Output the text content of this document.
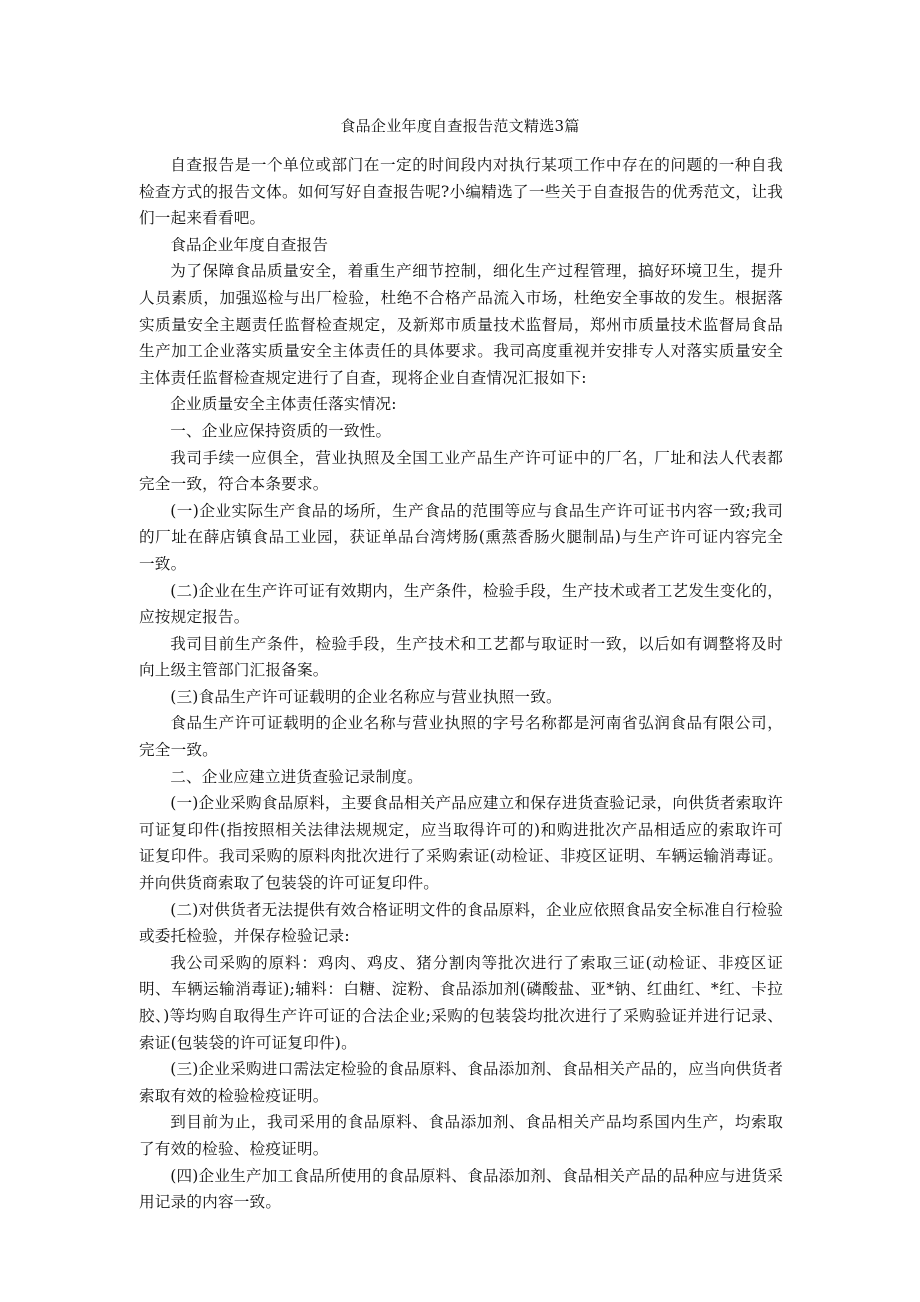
食品企业年度自查报告范文精选3篇

自查报告是一个单位或部门在一定的时间段内对执行某项工作中存在的问题的一种自我检查方式的报告文体。如何写好自查报告呢?小编精选了一些关于自查报告的优秀范文，让我们一起来看看吧。

食品企业年度自查报告

为了保障食品质量安全，着重生产细节控制，细化生产过程管理，搞好环境卫生，提升人员素质，加强巡检与出厂检验，杜绝不合格产品流入市场，杜绝安全事故的发生。根据落实质量安全主题责任监督检查规定，及新郑市质量技术监督局，郑州市质量技术监督局食品生产加工企业落实质量安全主体责任的具体要求。我司高度重视并安排专人对落实质量安全主体责任监督检查规定进行了自查，现将企业自查情况汇报如下:

企业质量安全主体责任落实情况:

一、企业应保持资质的一致性。

我司手续一应俱全，营业执照及全国工业产品生产许可证中的厂名，厂址和法人代表都完全一致，符合本条要求。

(一)企业实际生产食品的场所，生产食品的范围等应与食品生产许可证书内容一致;我司的厂址在薛店镇食品工业园，获证单品台湾烤肠(熏蒸香肠火腿制品)与生产许可证内容完全一致。

(二)企业在生产许可证有效期内，生产条件，检验手段，生产技术或者工艺发生变化的，应按规定报告。

我司目前生产条件，检验手段，生产技术和工艺都与取证时一致，以后如有调整将及时向上级主管部门汇报备案。

(三)食品生产许可证载明的企业名称应与营业执照一致。

食品生产许可证载明的企业名称与营业执照的字号名称都是河南省弘润食品有限公司，完全一致。

二、企业应建立进货查验记录制度。

(一)企业采购食品原料，主要食品相关产品应建立和保存进货查验记录，向供货者索取许可证复印件(指按照相关法律法规规定，应当取得许可的)和购进批次产品相适应的索取许可证复印件。我司采购的原料肉批次进行了采购索证(动检证、非疫区证明、车辆运输消毒证。并向供货商索取了包装袋的许可证复印件。

(二)对供货者无法提供有效合格证明文件的食品原料，企业应依照食品安全标准自行检验或委托检验，并保存检验记录:

我公司采购的原料：鸡肉、鸡皮、猪分割肉等批次进行了索取三证(动检证、非疫区证明、车辆运输消毒证);辅料：白糖、淀粉、食品添加剂(磷酸盐、亚*钠、红曲红、*红、卡拉胶、)等均购自取得生产许可证的合法企业;采购的包装袋均批次进行了采购验证并进行记录、索证(包装袋的许可证复印件)。

(三)企业采购进口需法定检验的食品原料、食品添加剂、食品相关产品的，应当向供货者索取有效的检验检疫证明。

到目前为止，我司采用的食品原料、食品添加剂、食品相关产品均系国内生产，均索取了有效的检验、检疫证明。

(四)企业生产加工食品所使用的食品原料、食品添加剂、食品相关产品的品种应与进货采用记录的内容一致。
